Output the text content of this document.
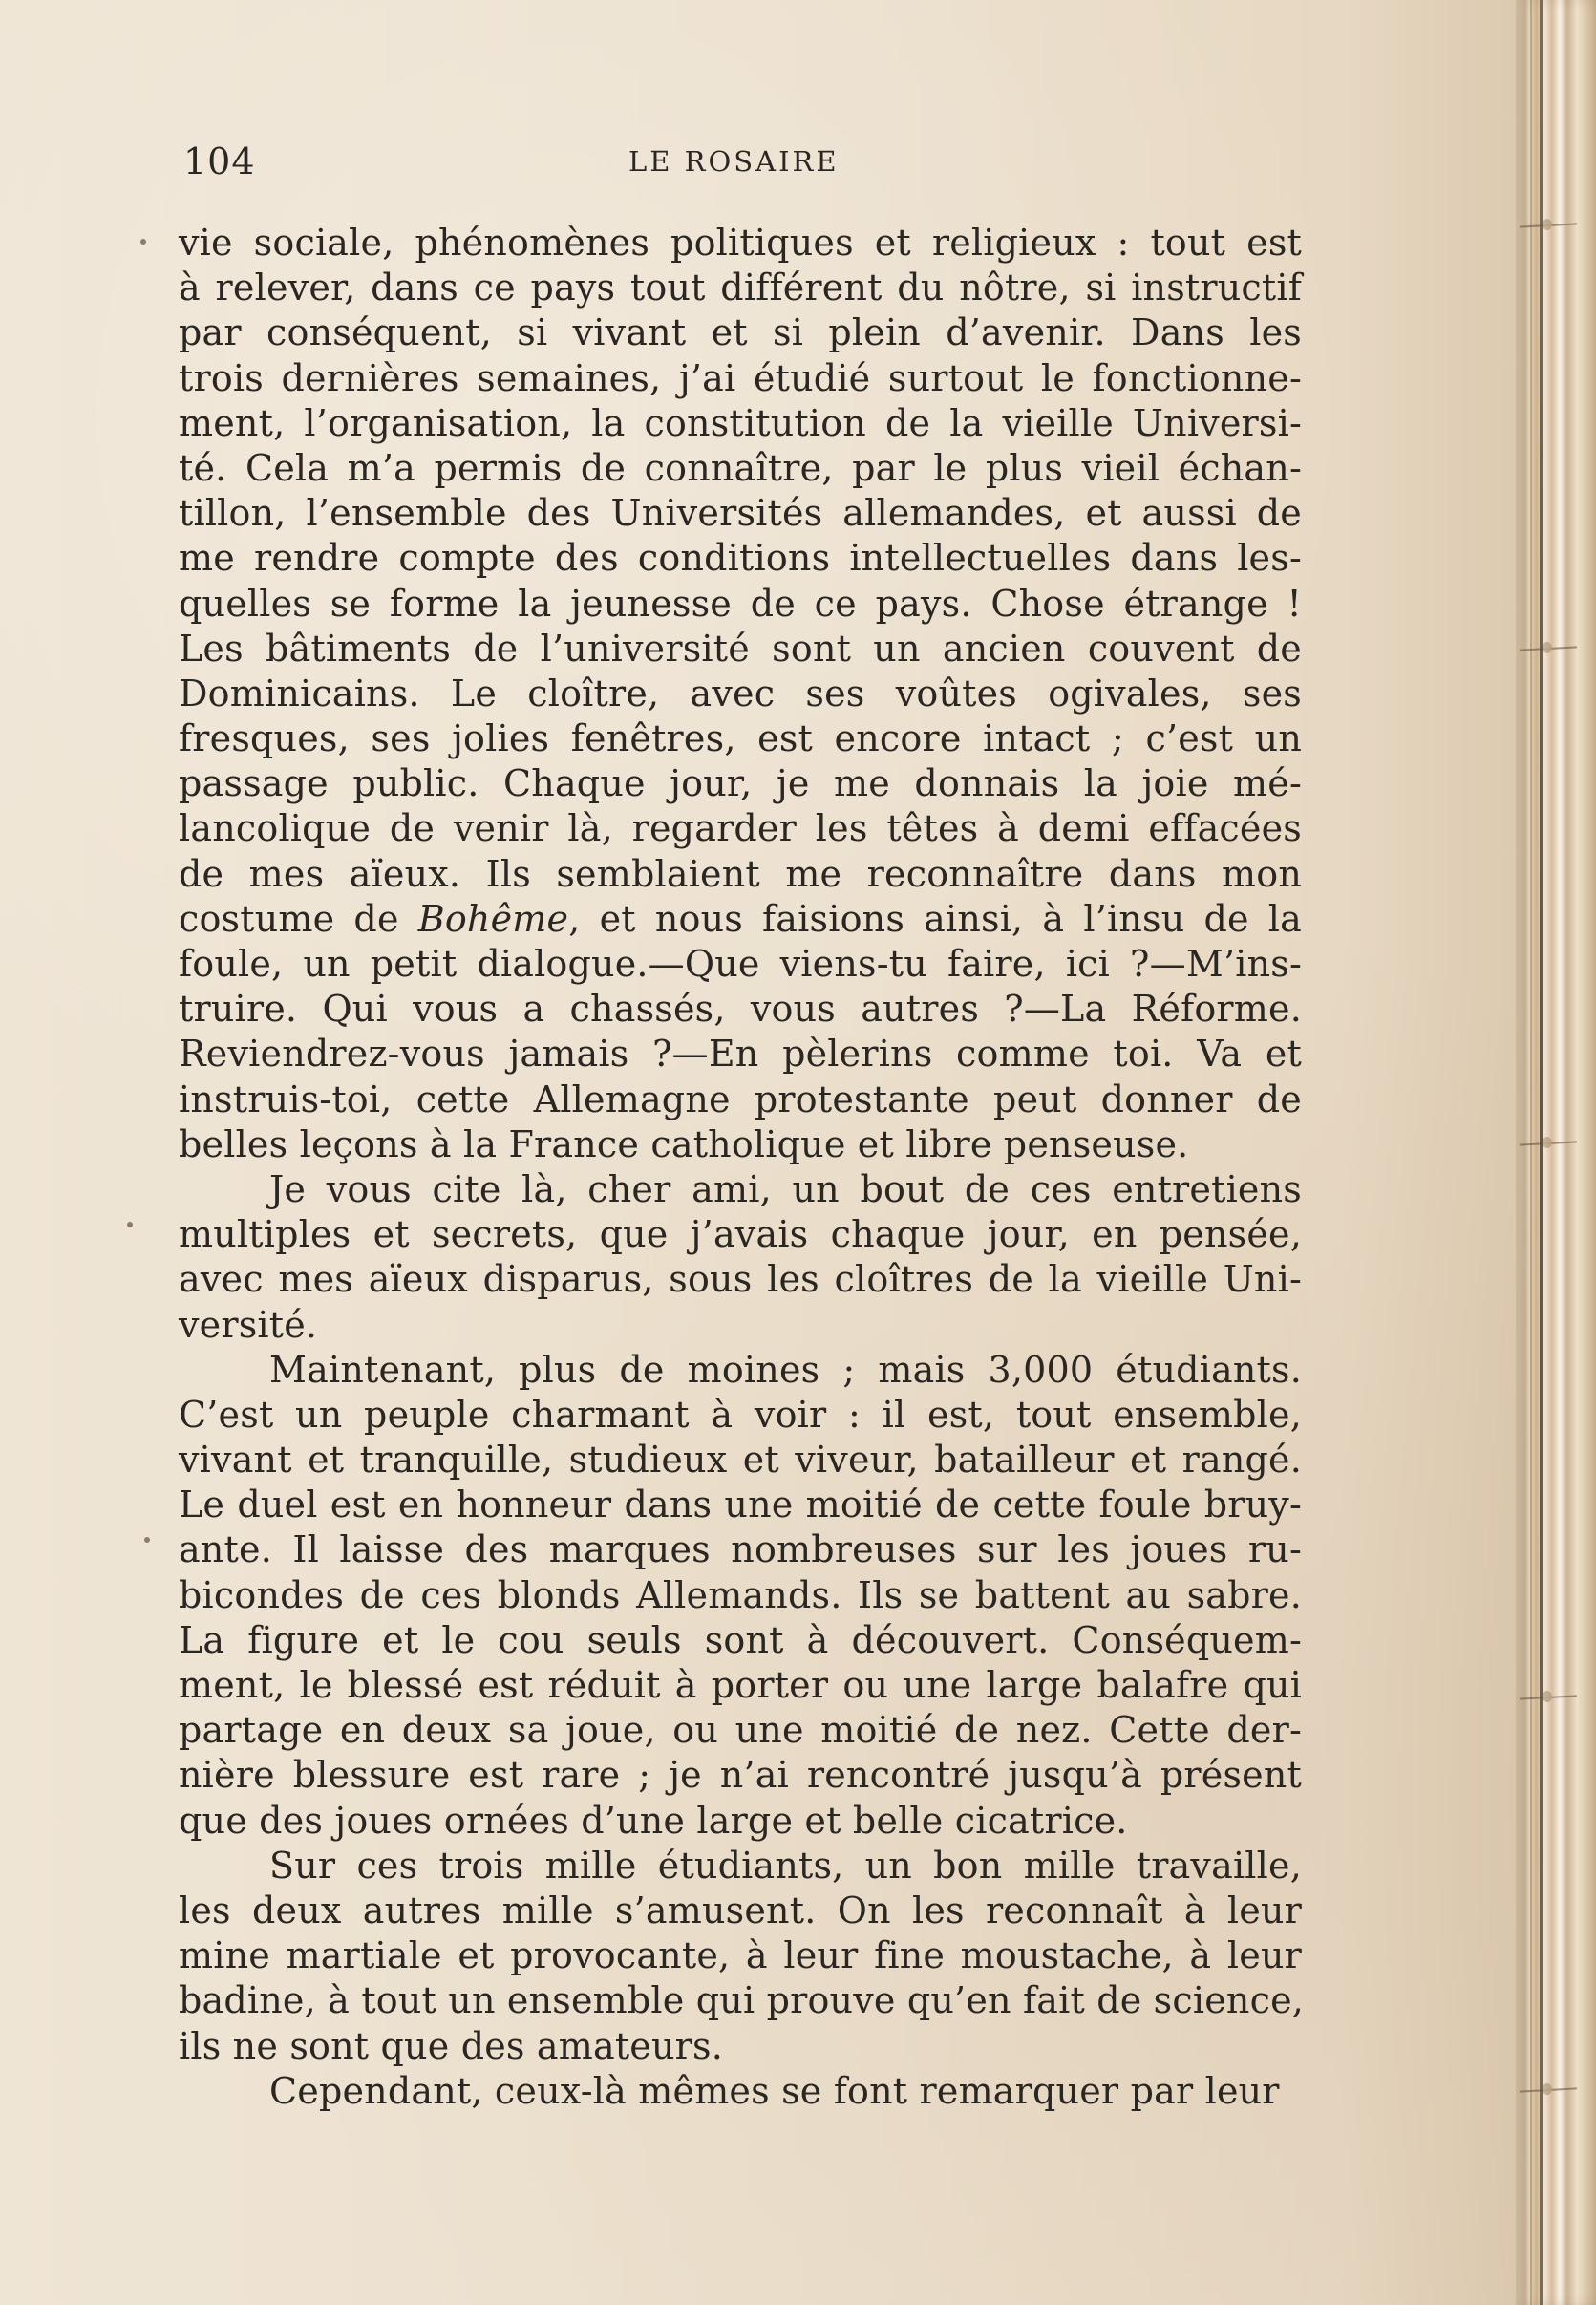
104	LE ROSAIRE
vie sociale, phénomènes politiques et religieux : tout est
à relever, dans ce pays tout différent du nôtre, si instructif
par conséquent, si vivant et si plein d’avenir. Dans les
trois dernières semaines, j’ai étudié surtout le fonctionne-
ment, l’organisation, la constitution de la vieille Universi-
té. Cela m’a permis de connaître, par le plus vieil échan-
tillon, l’ensemble des Universités allemandes, et aussi de
me rendre compte des conditions intellectuelles dans les-
quelles se forme la jeunesse de ce pays. Chose étrange !
Les bâtiments de l’université sont un ancien couvent de
Dominicains. Le cloître, avec ses voûtes ogivales, ses
fresques, ses jolies fenêtres, est encore intact ; c’est un
passage public. Chaque jour, je me donnais la joie mé-
lancolique de venir là, regarder les têtes à demi effacées
de mes aïeux. Ils semblaient me reconnaître dans mon
costume de Bohême, et nous faisions ainsi, à l’insu de la
foule, un petit dialogue.—Que viens-tu faire, ici ?—M’ins-
truire. Qui vous a chassés, vous autres ?—La Réforme.
Reviendrez-vous jamais ?—En pèlerins comme toi. Va et
instruis-toi, cette Allemagne protestante peut donner de
belles leçons à la France catholique et libre penseuse.
Je vous cite là, cher ami, un bout de ces entretiens
multiples et secrets, que j’avais chaque jour, en pensée,
avec mes aïeux disparus, sous les cloîtres de la vieille Uni-
versité.
Maintenant, plus de moines ; mais 3,000 étudiants.
C’est un peuple charmant à voir : il est, tout ensemble,
vivant et tranquille, studieux et viveur, batailleur et rangé.
Le duel est en honneur dans une moitié de cette foule bruy-
ante. Il laisse des marques nombreuses sur les joues ru-
bicondes de ces blonds Allemands. Ils se battent au sabre.
La figure et le cou seuls sont à découvert. Conséquem-
ment, le blessé est réduit à porter ou une large balafre qui
partage en deux sa joue, ou une moitié de nez. Cette der-
nière blessure est rare ; je n’ai rencontré jusqu’à présent
que des joues ornées d’une large et belle cicatrice.
Sur ces trois mille étudiants, un bon mille travaille,
les deux autres mille s’amusent. On les reconnaît à leur
mine martiale et provocante, à leur fine moustache, à leur
badine, à tout un ensemble qui prouve qu’en fait de science,
ils ne sont que des amateurs.
Cependant, ceux-là mêmes se font remarquer par leur
